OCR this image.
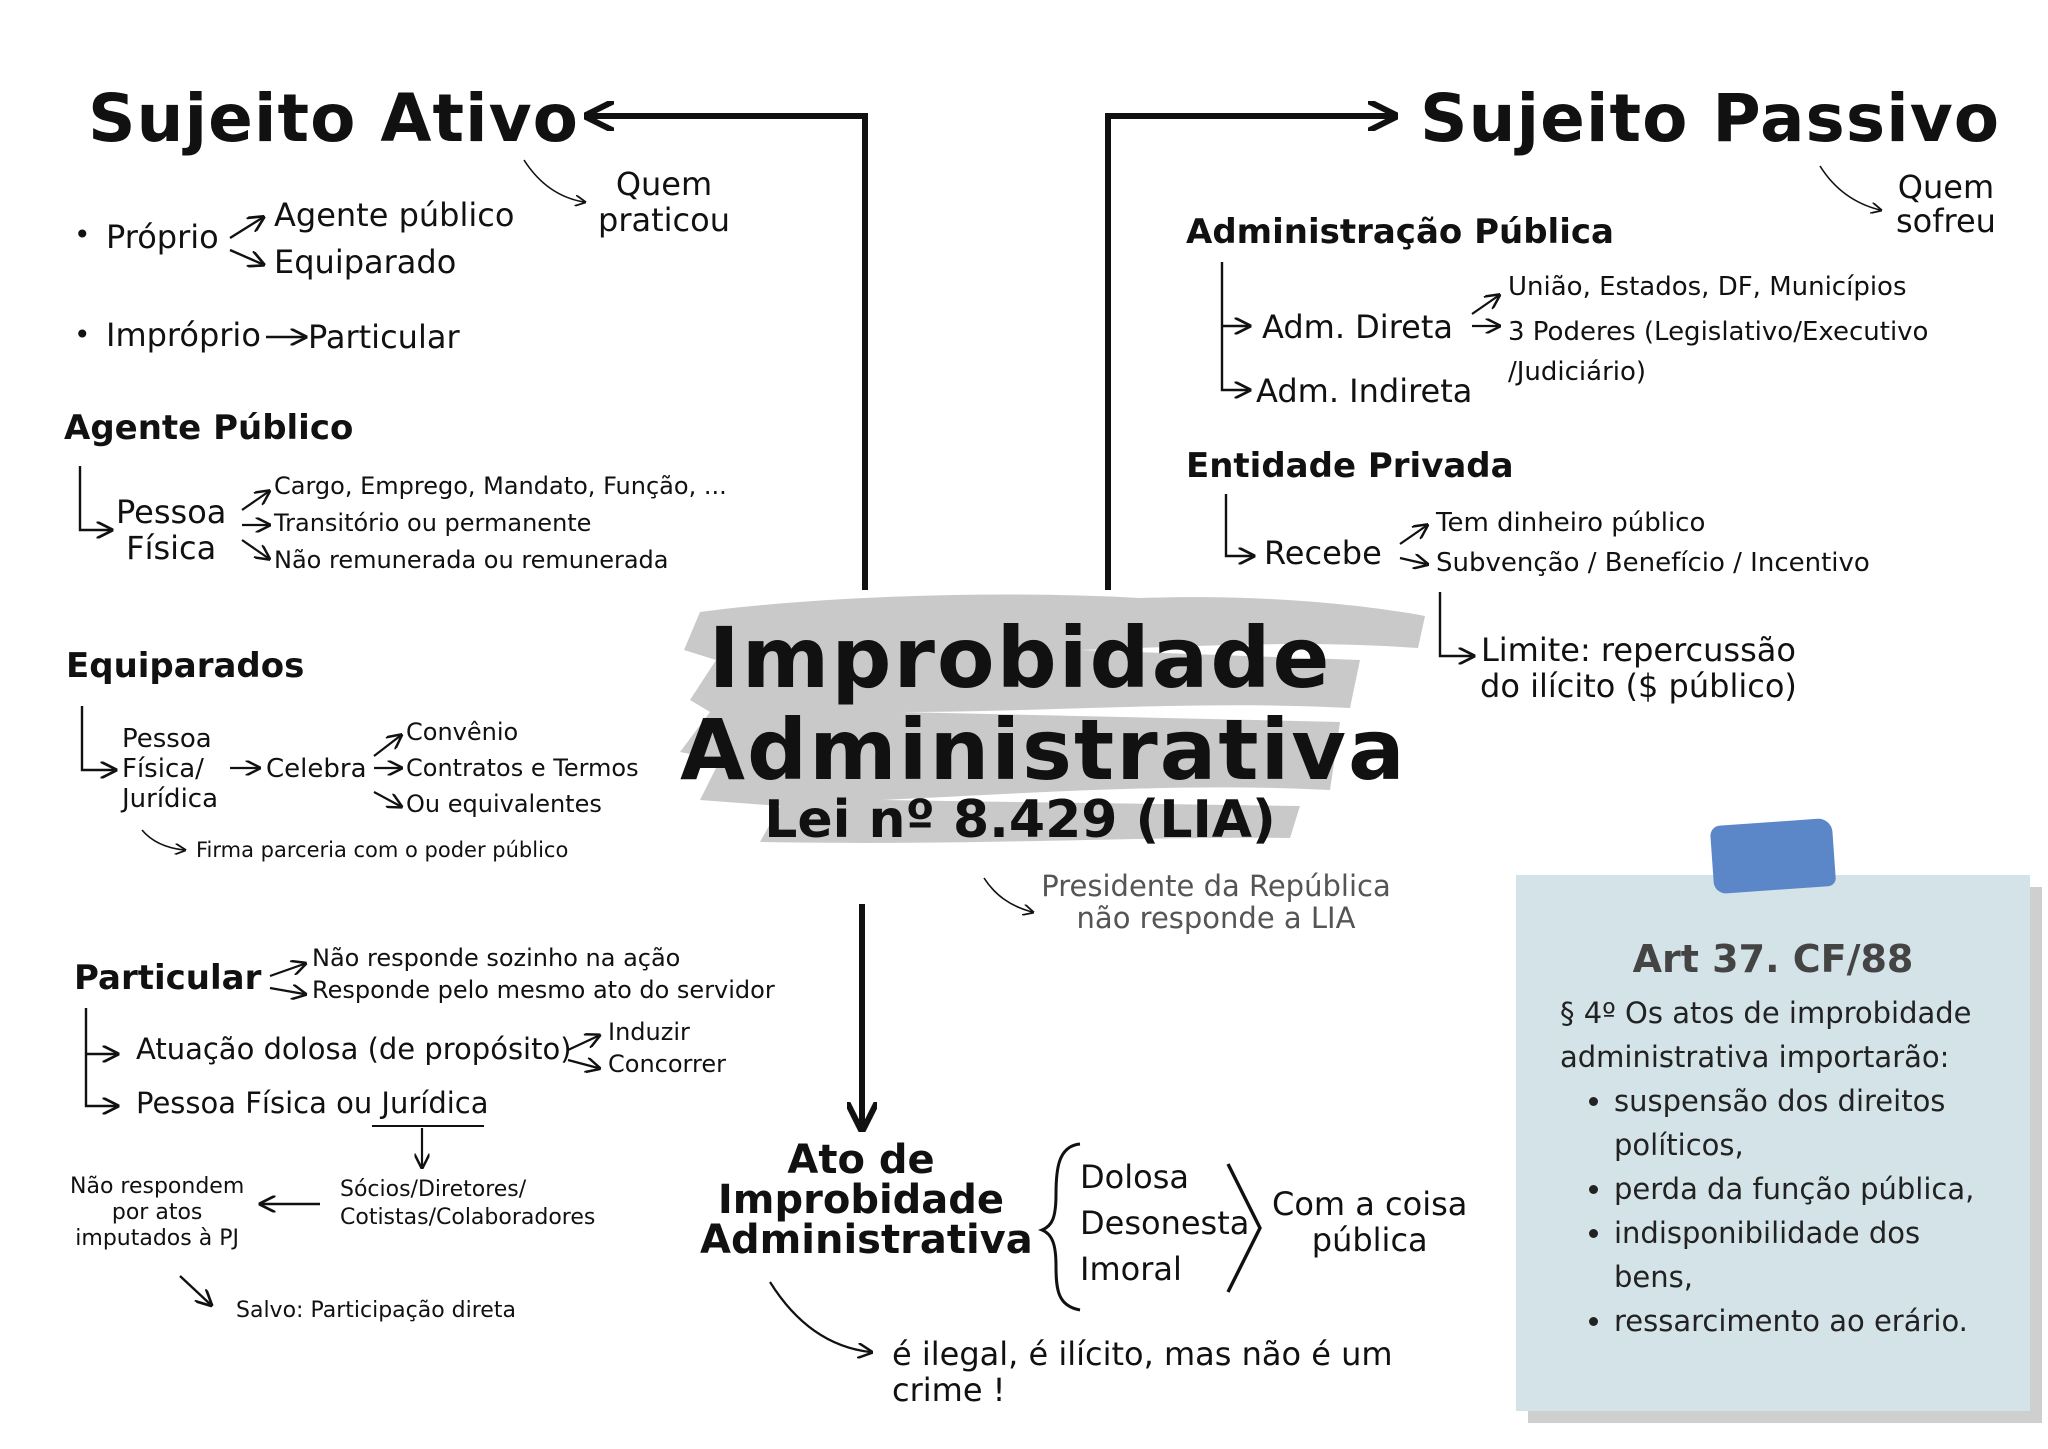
Sujeito Ativo
Quem
praticou
• Próprio
Agente público
Equiparado
• Impróprio Particular
Agente Público
Pessoa
Física
Cargo, Emprego, Mandato, Função, ...
Transitório ou permanente
Não remunerada ou remunerada
Equiparados
Pessoa
Física/
Jurídica
Celebra
Convênio
Contratos e Termos
Ou equivalentes
Firma parceria com o poder público
Particular Não responde sozinho na ação
Responde pelo mesmo ato do servidor
Atuação dolosa (de propósito) Induzir
Concorrer
Pessoa Física ou Jurídica
Sócios/Diretores/
Cotistas/Colaboradores
Não respondem
por atos
imputados à PJ
Salvo: Participação direta
Improbidade
Administrativa
Lei nº 8.429 (LIA)
Presidente da República
não responde a LIA
Sujeito Passivo
Quem
sofreu
Administração Pública
Adm. Direta
União, Estados, DF, Municípios
3 Poderes (Legislativo/Executivo
/Judiciário)
Adm. Indireta
Entidade Privada
Recebe
Tem dinheiro público
Subvenção / Benefício / Incentivo
Limite: repercussão
do ilícito ($ público)
Ato de
Improbidade
Administrativa
Dolosa
Desonesta
Imoral
Com a coisa
pública
é ilegal, é ilícito, mas não é um
crime !
Art 37. CF/88
§ 4º Os atos de improbidade
administrativa importarão:
• suspensão dos direitos
políticos,
• perda da função pública,
• indisponibilidade dos
bens,
• ressarcimento ao erário.
